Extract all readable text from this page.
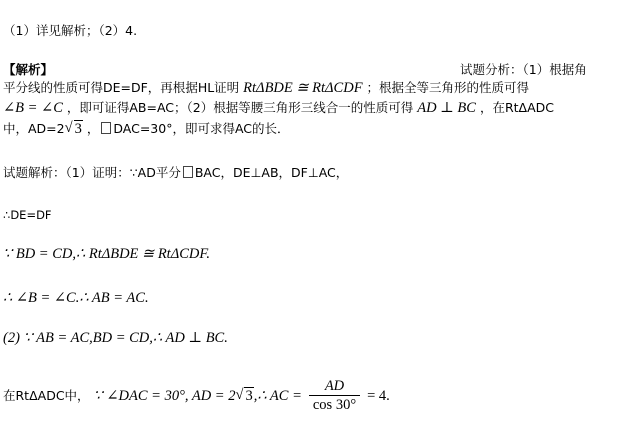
（1）详见解析；（2）4.
【解析】	试题分析：（1）根据角
平分线的性质可得DE=DF，再根据HL证明 RtΔBDE ≅ RtΔCDF ；根据全等三角形的性质可得
∠B = ∠C ，即可证得AB=AC；（2）根据等腰三角形三线合一的性质可得 AD ⊥ BC ，在RtΔADC
中，AD=2 √ 3 ， DAC=30°，即可求得AC的长．
试题解析：（1）证明：∵AD平分 BAC，DE⊥AB，DF⊥AC，
∴DE=DF
∵ BD = CD,∴ RtΔBDE ≅ RtΔCDF.
∴ ∠B = ∠C.∴ AB = AC.
(2) ∵ AB = AC,BD = CD,∴ AD ⊥ BC.
在RtΔADC中， ∵ ∠DAC = 30°, AD = 2 √ 3,∴ AC = $\frac{AD}{\cos 30^\circ} = 4$.
